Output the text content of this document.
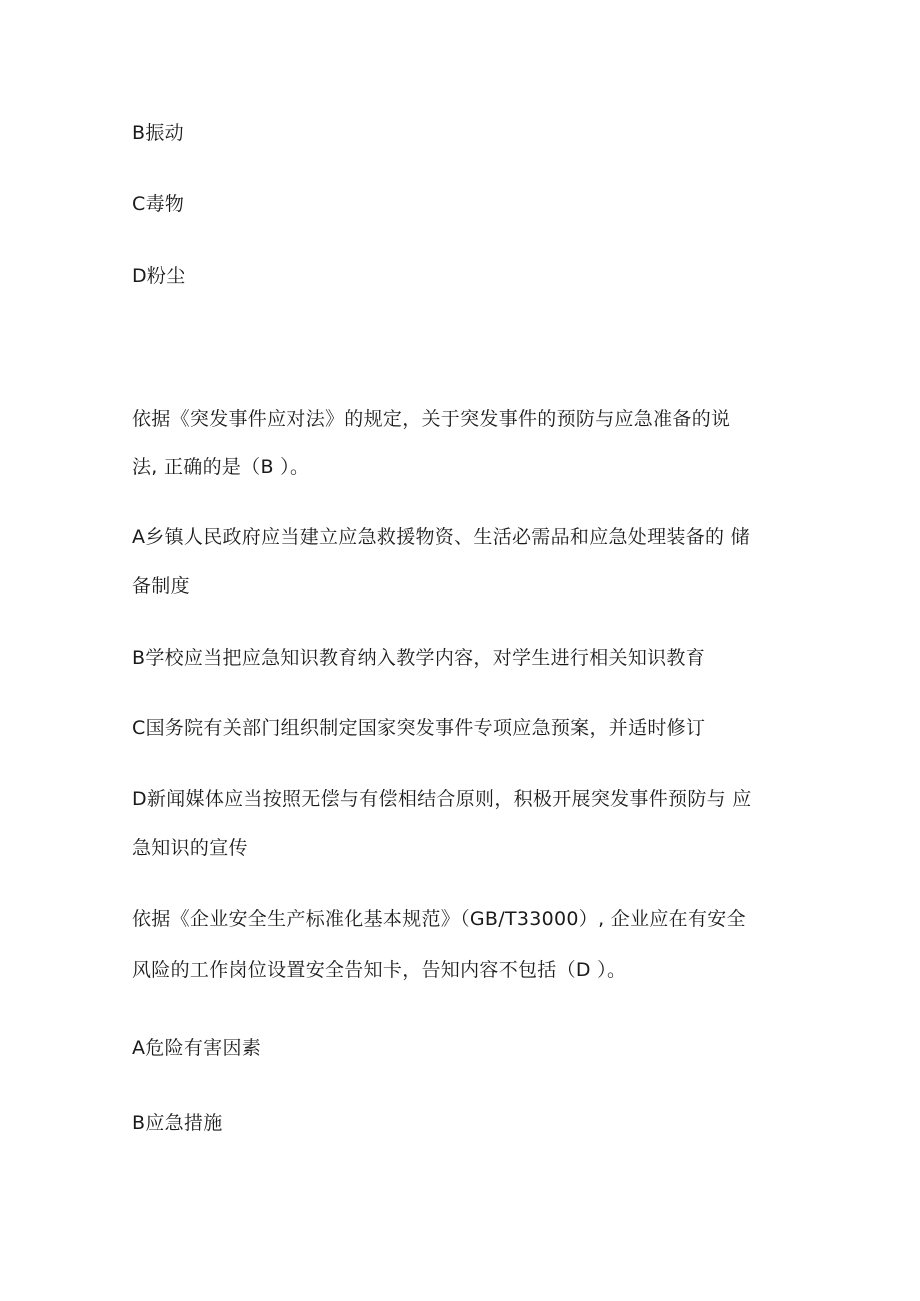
B振动
C毒物
D粉尘
依据《突发事件应对法》的规定，关于突发事件的预防与应急准备的说
法, 正确的是（B ）。
A乡镇人民政府应当建立应急救援物资、生活必需品和应急处理装备的 储
备制度
B学校应当把应急知识教育纳入教学内容，对学生进行相关知识教育
C国务院有关部门组织制定国家突发事件专项应急预案，并适时修订
D新闻媒体应当按照无偿与有偿相结合原则，积极开展突发事件预防与 应
急知识的宣传
依据《企业安全生产标准化基本规范》（GB/T33000）, 企业应在有安全
风险的工作岗位设置安全告知卡，告知内容不包括（D ）。
A危险有害因素
B应急措施
